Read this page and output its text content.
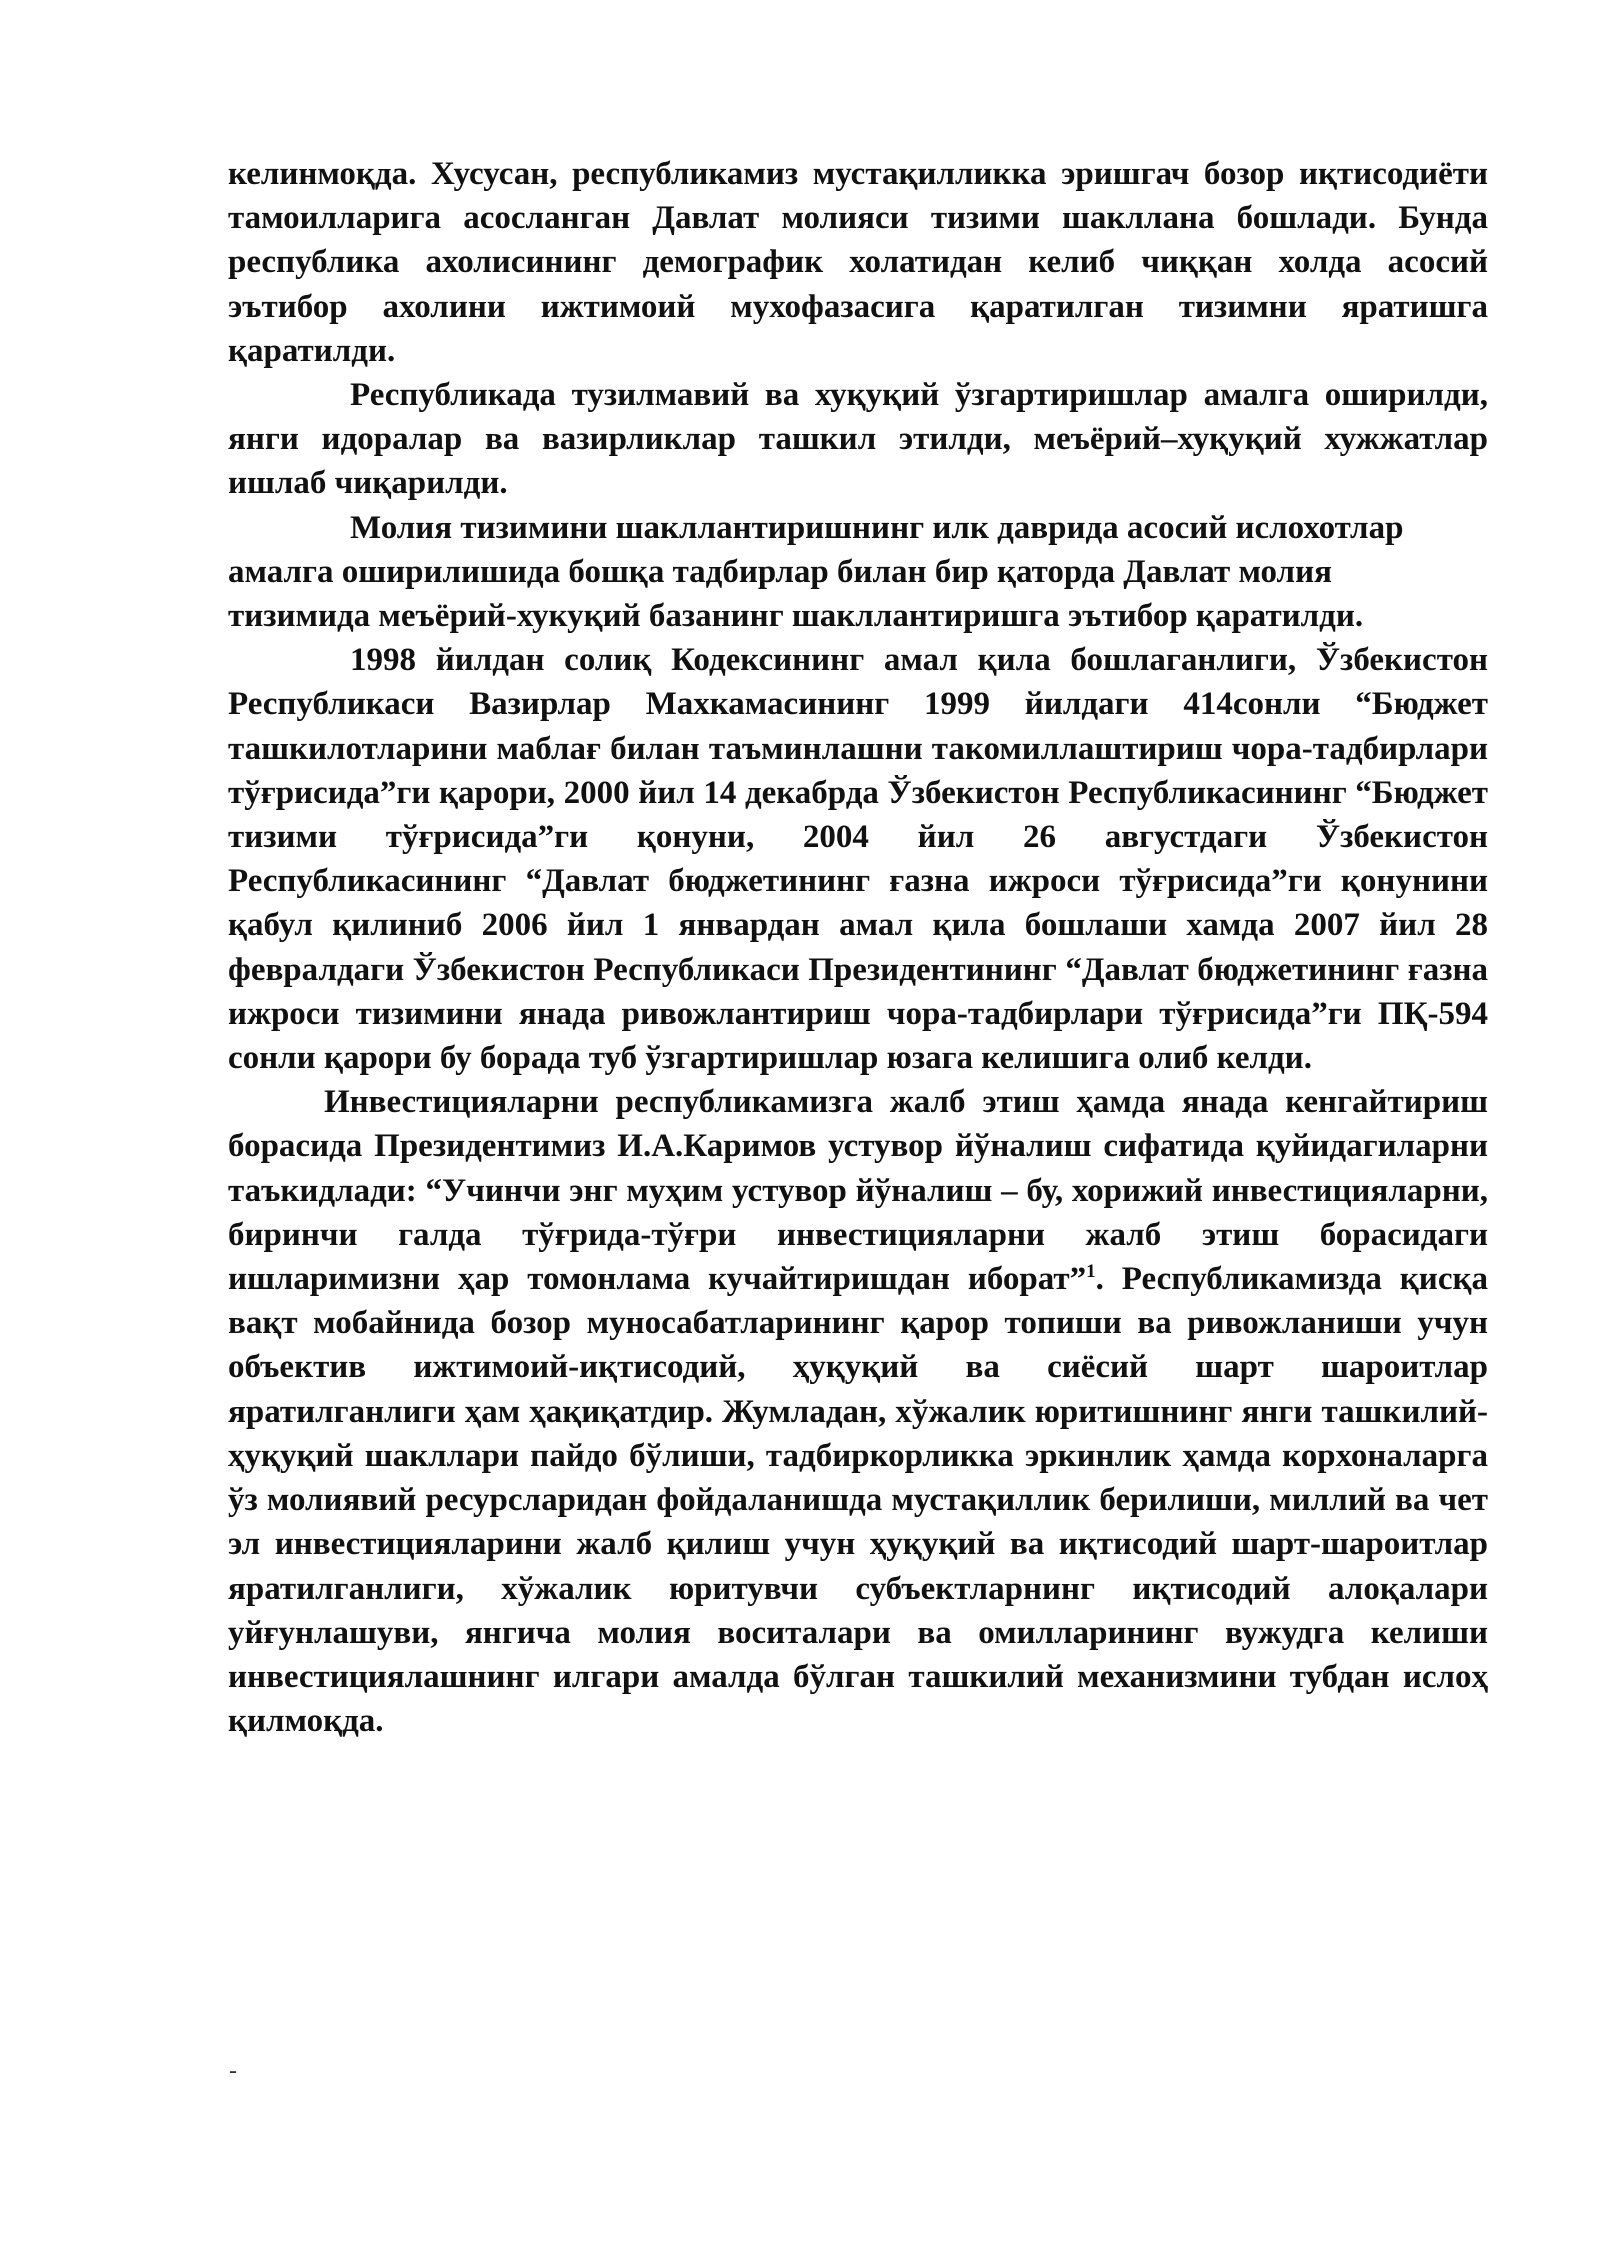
келинмоқда. Хусусан, республикамиз мустақилликка эришгач бозор иқтисодиёти тамоилларига асосланган Давлат молияси тизими шакллана бошлади. Бунда республика ахолисининг демографик холатидан келиб чиққан холда асосий эътибор ахолини ижтимоий мухофазасига қаратилган тизимни яратишга қаратилди.

Республикада тузилмавий ва хуқуқий ўзгартиришлар амалга оширилди, янги идоралар ва вазирликлар ташкил этилди, меъёрий–хуқуқий хужжатлар ишлаб чиқарилди.

Молия тизимини шакллантиришнинг илк даврида асосий ислохотлар амалга оширилишида бошқа тадбирлар билан бир қаторда Давлат молия тизимида меъёрий-хукуқий базанинг шакллантиришга эътибор қаратилди.

1998 йилдан солиқ Кодексининг амал қила бошлаганлиги, Ўзбекистон Республикаси Вазирлар Махкамасининг 1999 йилдаги 414сонли “Бюджет ташкилотларини маблағ билан таъминлашни такомиллаштириш чора-тадбирлари тўғрисида”ги қарори, 2000 йил 14 декабрда Ўзбекистон Республикасининг “Бюджет тизими тўғрисида”ги қонуни, 2004 йил 26 августдаги Ўзбекистон Республикасининг “Давлат бюджетининг ғазна ижроси тўғрисида”ги қонунини қабул қилиниб 2006 йил 1 январдан амал қила бошлаши хамда 2007 йил 28 февралдаги Ўзбекистон Республикаси Президентининг “Давлат бюджетининг ғазна ижроси тизимини янада ривожлантириш чора-тадбирлари тўғрисида”ги ПҚ-594 сонли қарори бу борада туб ўзгартиришлар юзага келишига олиб келди.

Инвестицияларни республикамизга жалб этиш ҳамда янада кенгайтириш борасида Президентимиз И.А.Каримов устувор йўналиш сифатида қуйидагиларни таъкидлади: “Учинчи энг муҳим устувор йўналиш – бу, хорижий инвестицияларни, биринчи галда тўғрида-тўғри инвестицияларни жалб этиш борасидаги ишларимизни ҳар томонлама кучайтиришдан иборат”$^1$. Республикамизда қисқа вақт мобайнида бозор муносабатларининг қарор топиши ва ривожланиши учун объектив ижтимоий-иқтисодий, ҳуқуқий ва сиёсий шарт шароитлар яратилганлиги ҳам ҳақиқатдир. Жумладан, хўжалик юритишнинг янги ташкилий-ҳуқуқий шакллари пайдо бўлиши, тадбиркорликка эркинлик ҳамда корхоналарга ўз молиявий ресурсларидан фойдаланишда мустақиллик берилиши, миллий ва чет эл инвестицияларини жалб қилиш учун ҳуқуқий ва иқтисодий шарт-шароитлар яратилганлиги, хўжалик юритувчи субъектларнинг иқтисодий алоқалари уйғунлашуви, янгича молия воситалари ва омилларининг вужудга келиши инвестициялашнинг илгари амалда бўлган ташкилий механизмини тубдан ислоҳ қилмоқда.

-
